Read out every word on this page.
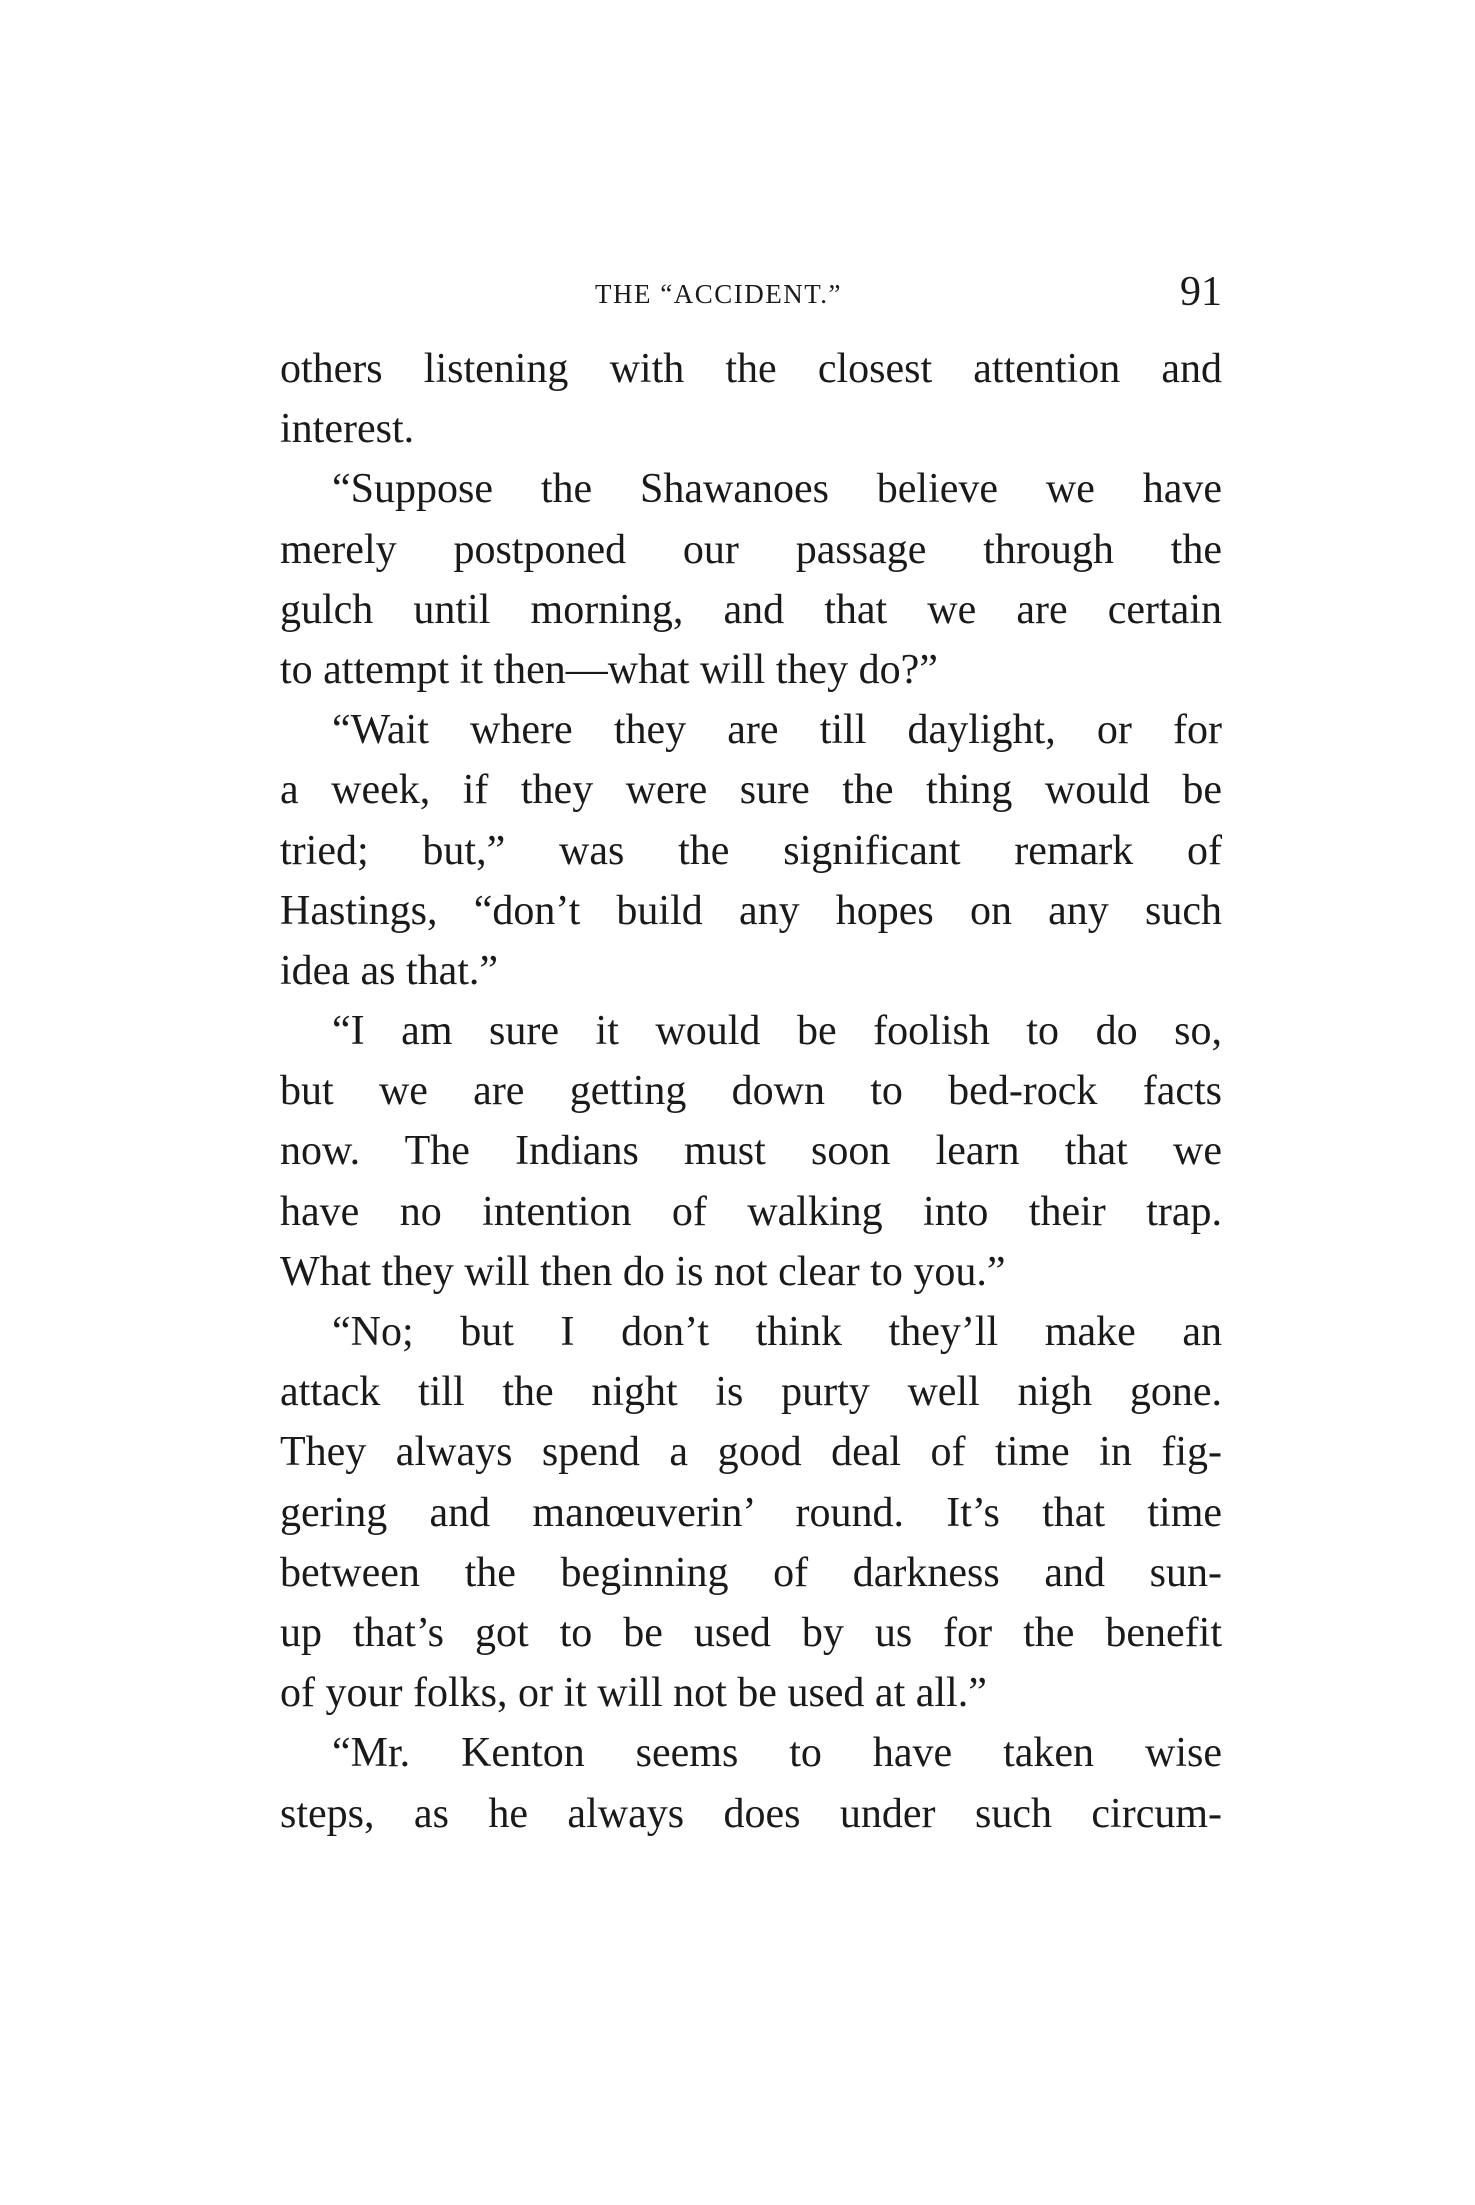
THE “ACCIDENT.”	91
others listening with the closest attention and
interest.
“Suppose the Shawanoes believe we have
merely postponed our passage through the
gulch until morning, and that we are certain
to attempt it then—what will they do?”
“Wait where they are till daylight, or for
a week, if they were sure the thing would be
tried; but,” was the significant remark of
Hastings, “don’t build any hopes on any such
idea as that.”
“I am sure it would be foolish to do so,
but we are getting down to bed-rock facts
now. The Indians must soon learn that we
have no intention of walking into their trap.
What they will then do is not clear to you.”
“No; but I don’t think they’ll make an
attack till the night is purty well nigh gone.
They always spend a good deal of time in fig-
gering and manœuverin’ round. It’s that time
between the beginning of darkness and sun-
up that’s got to be used by us for the benefit
of your folks, or it will not be used at all.”
“Mr. Kenton seems to have taken wise
steps, as he always does under such circum-
